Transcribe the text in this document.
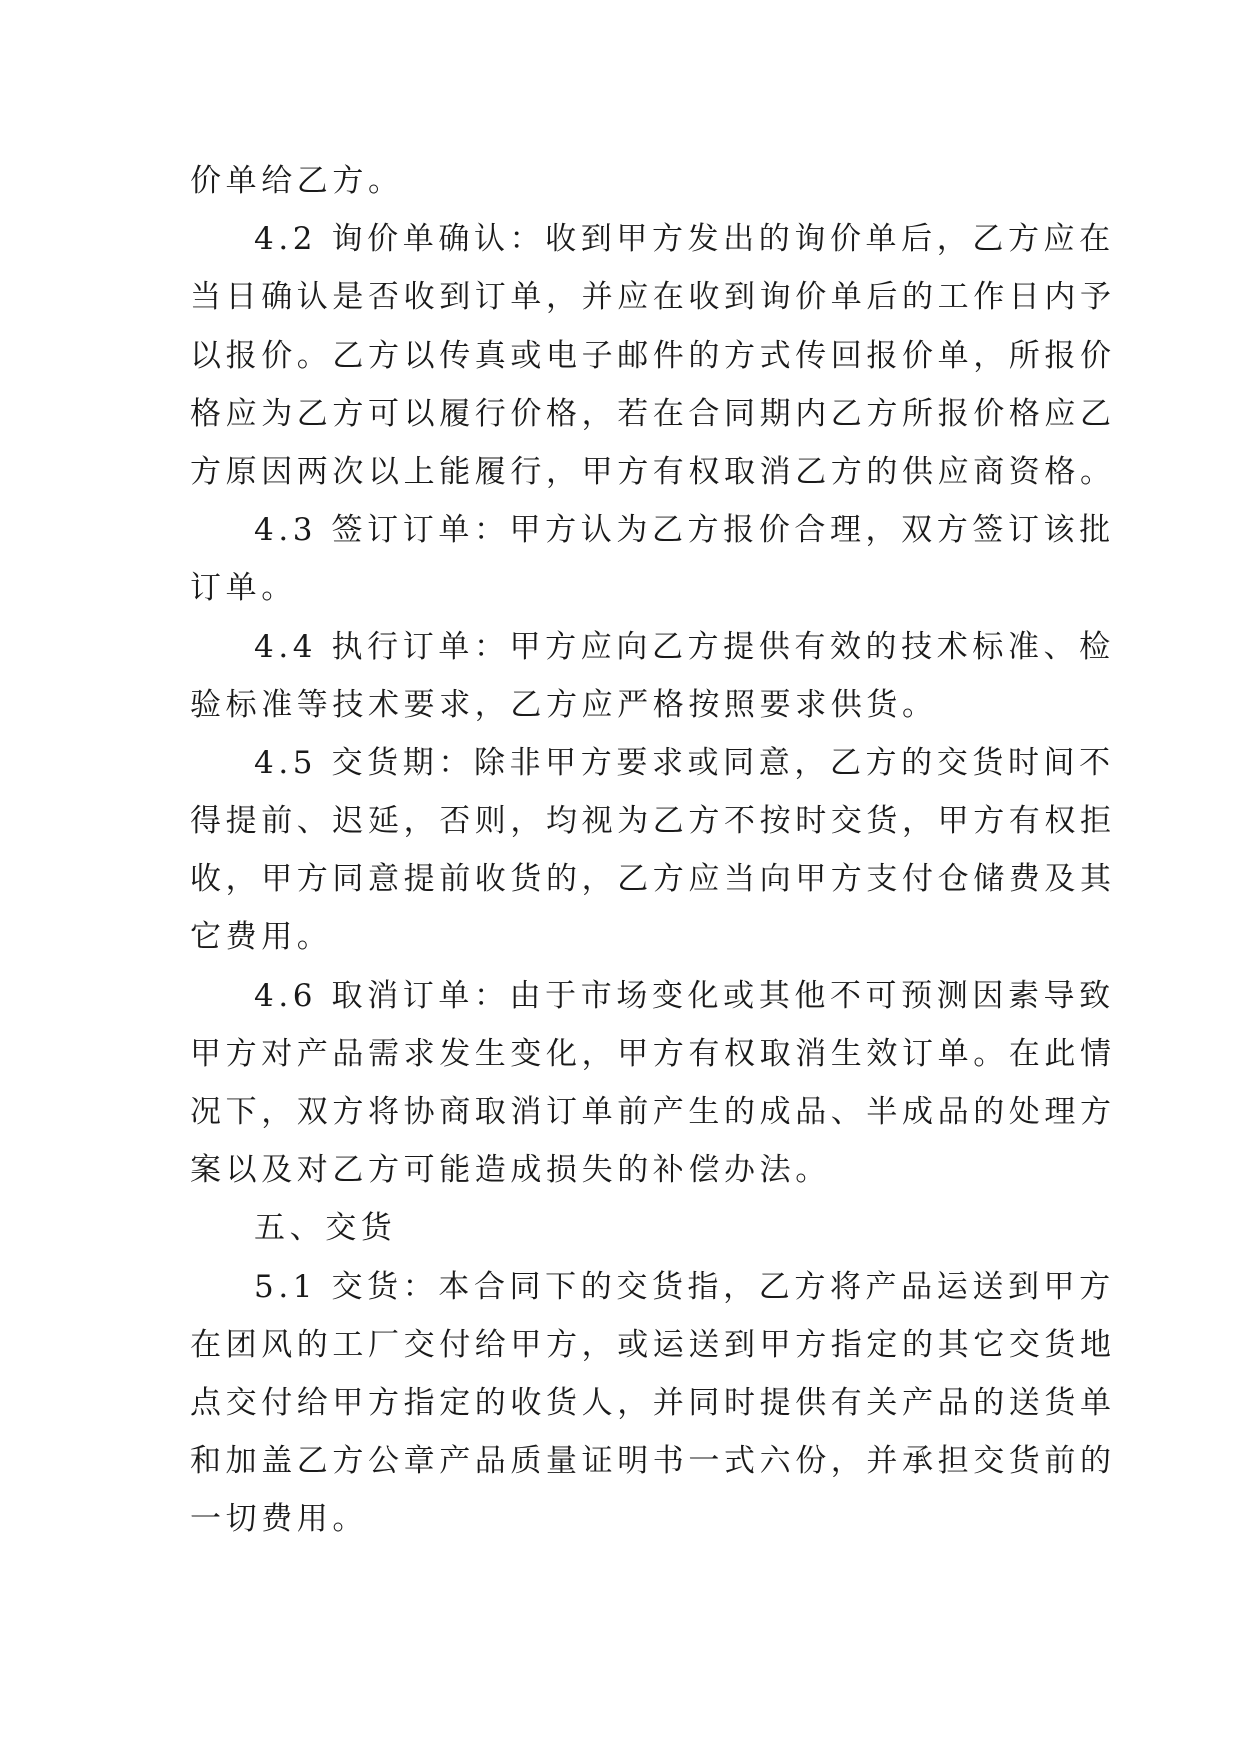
价单给乙方。
4.2 询价单确认：收到甲方发出的询价单后，乙方应在
当日确认是否收到订单，并应在收到询价单后的工作日内予
以报价。乙方以传真或电子邮件的方式传回报价单，所报价
格应为乙方可以履行价格，若在合同期内乙方所报价格应乙
方原因两次以上能履行，甲方有权取消乙方的供应商资格。
4.3 签订订单：甲方认为乙方报价合理，双方签订该批
订单。
4.4 执行订单：甲方应向乙方提供有效的技术标准、检
验标准等技术要求，乙方应严格按照要求供货。
4.5 交货期：除非甲方要求或同意，乙方的交货时间不
得提前、迟延，否则，均视为乙方不按时交货，甲方有权拒
收，甲方同意提前收货的，乙方应当向甲方支付仓储费及其
它费用。
4.6 取消订单：由于市场变化或其他不可预测因素导致
甲方对产品需求发生变化，甲方有权取消生效订单。在此情
况下，双方将协商取消订单前产生的成品、半成品的处理方
案以及对乙方可能造成损失的补偿办法。
五、交货
5.1 交货：本合同下的交货指，乙方将产品运送到甲方
在团风的工厂交付给甲方，或运送到甲方指定的其它交货地
点交付给甲方指定的收货人，并同时提供有关产品的送货单
和加盖乙方公章产品质量证明书一式六份，并承担交货前的
一切费用。
